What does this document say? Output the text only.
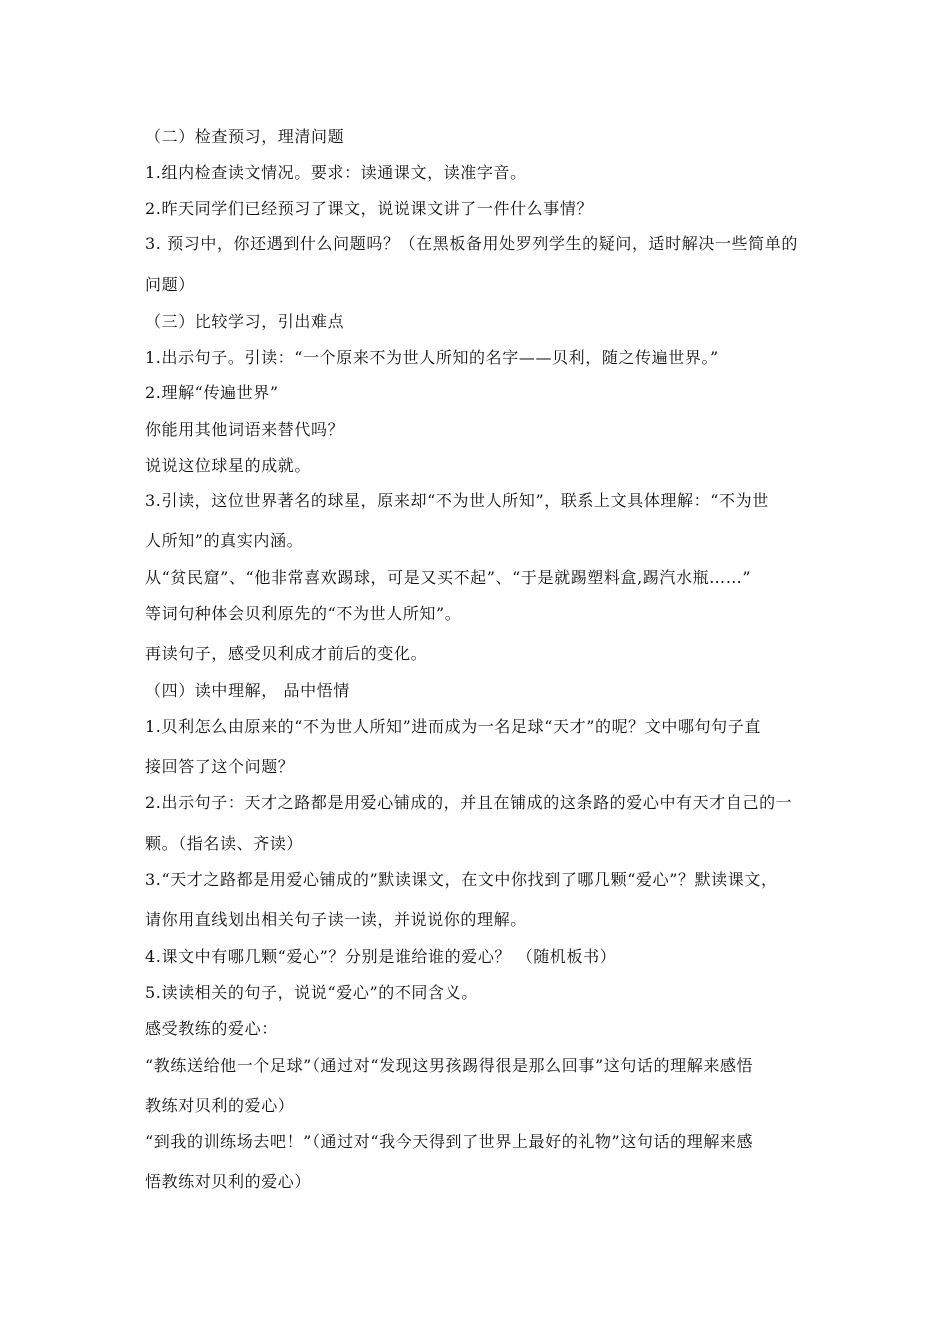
（二）检查预习，理清问题
1.组内检查读文情况。要求：读通课文，读准字音。
2.昨天同学们已经预习了课文，说说课文讲了一件什么事情？
3. 预习中，你还遇到什么问题吗？（在黑板备用处罗列学生的疑问，适时解决一些简单的
问题）
（三）比较学习，引出难点
1.出示句子。引读：“一个原来不为世人所知的名字——贝利，随之传遍世界。”
2.理解“传遍世界”
你能用其他词语来替代吗？
说说这位球星的成就。
3.引读，这位世界著名的球星，原来却“不为世人所知”，联系上文具体理解：“不为世
人所知”的真实内涵。
从“贫民窟”、“他非常喜欢踢球，可是又买不起”、“于是就踢塑料盒,踢汽水瓶……”
等词句种体会贝利原先的“不为世人所知”。
再读句子，感受贝利成才前后的变化。
（四）读中理解， 品中悟情
1.贝利怎么由原来的“不为世人所知”进而成为一名足球“天才”的呢？文中哪句句子直
接回答了这个问题？
2.出示句子：天才之路都是用爱心铺成的，并且在铺成的这条路的爱心中有天才自己的一
颗。（指名读、齐读）
3.“天才之路都是用爱心铺成的”默读课文，在文中你找到了哪几颗“爱心”？默读课文，
请你用直线划出相关句子读一读，并说说你的理解。
4.课文中有哪几颗“爱心”？分别是谁给谁的爱心？ （随机板书）
5.读读相关的句子，说说“爱心”的不同含义。
感受教练的爱心：
“教练送给他一个足球”（通过对“发现这男孩踢得很是那么回事”这句话的理解来感悟
教练对贝利的爱心）
“到我的训练场去吧！”（通过对“我今天得到了世界上最好的礼物”这句话的理解来感
悟教练对贝利的爱心）
